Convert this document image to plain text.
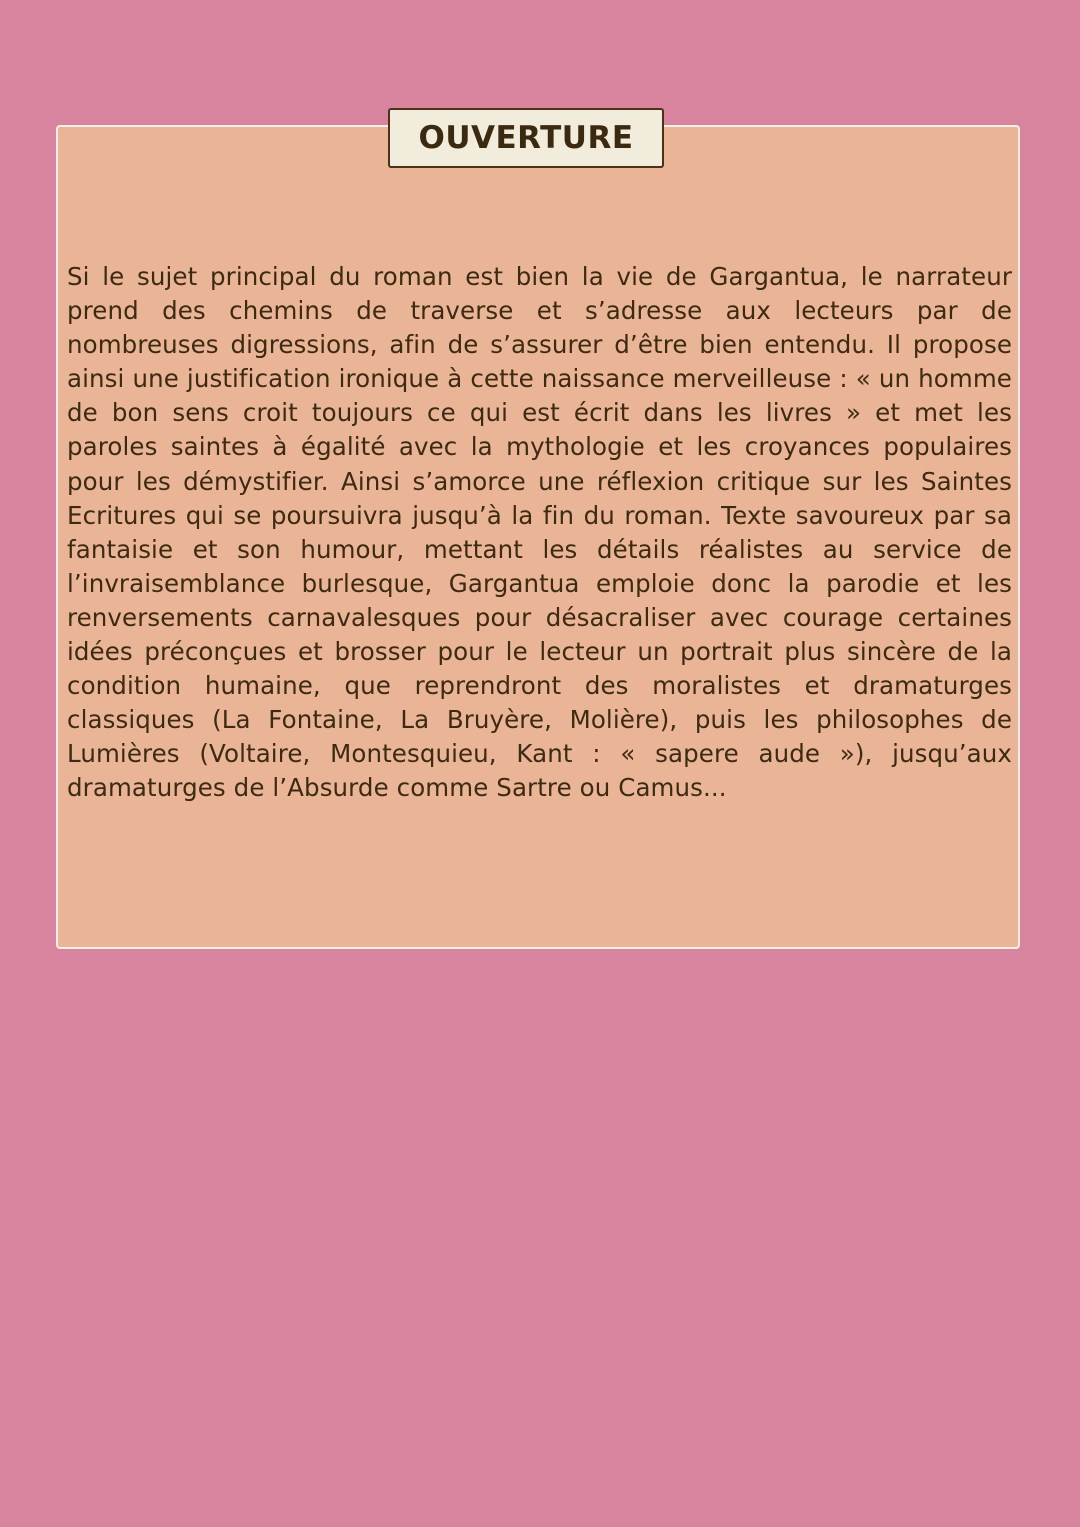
OUVERTURE

Si le sujet principal du roman est bien la vie de Gargantua, le narrateur prend des chemins de traverse et s’adresse aux lecteurs par de nombreuses digressions, afin de s’assurer d’être bien entendu. Il propose ainsi une justification ironique à cette naissance merveilleuse : « un homme de bon sens croit toujours ce qui est écrit dans les livres » et met les paroles saintes à égalité avec la mythologie et les croyances populaires pour les démystifier. Ainsi s’amorce une réflexion critique sur les Saintes Ecritures qui se poursuivra jusqu’à la fin du roman. Texte savoureux par sa fantaisie et son humour, mettant les détails réalistes au service de l’invraisemblance burlesque, Gargantua emploie donc la parodie et les renversements carnavalesques pour désacraliser avec courage certaines idées préconçues et brosser pour le lecteur un portrait plus sincère de la condition humaine, que reprendront des moralistes et dramaturges classiques (La Fontaine, La Bruyère, Molière), puis les philosophes de Lumières (Voltaire, Montesquieu, Kant : « sapere aude »), jusqu’aux dramaturges de l’Absurde comme Sartre ou Camus...
